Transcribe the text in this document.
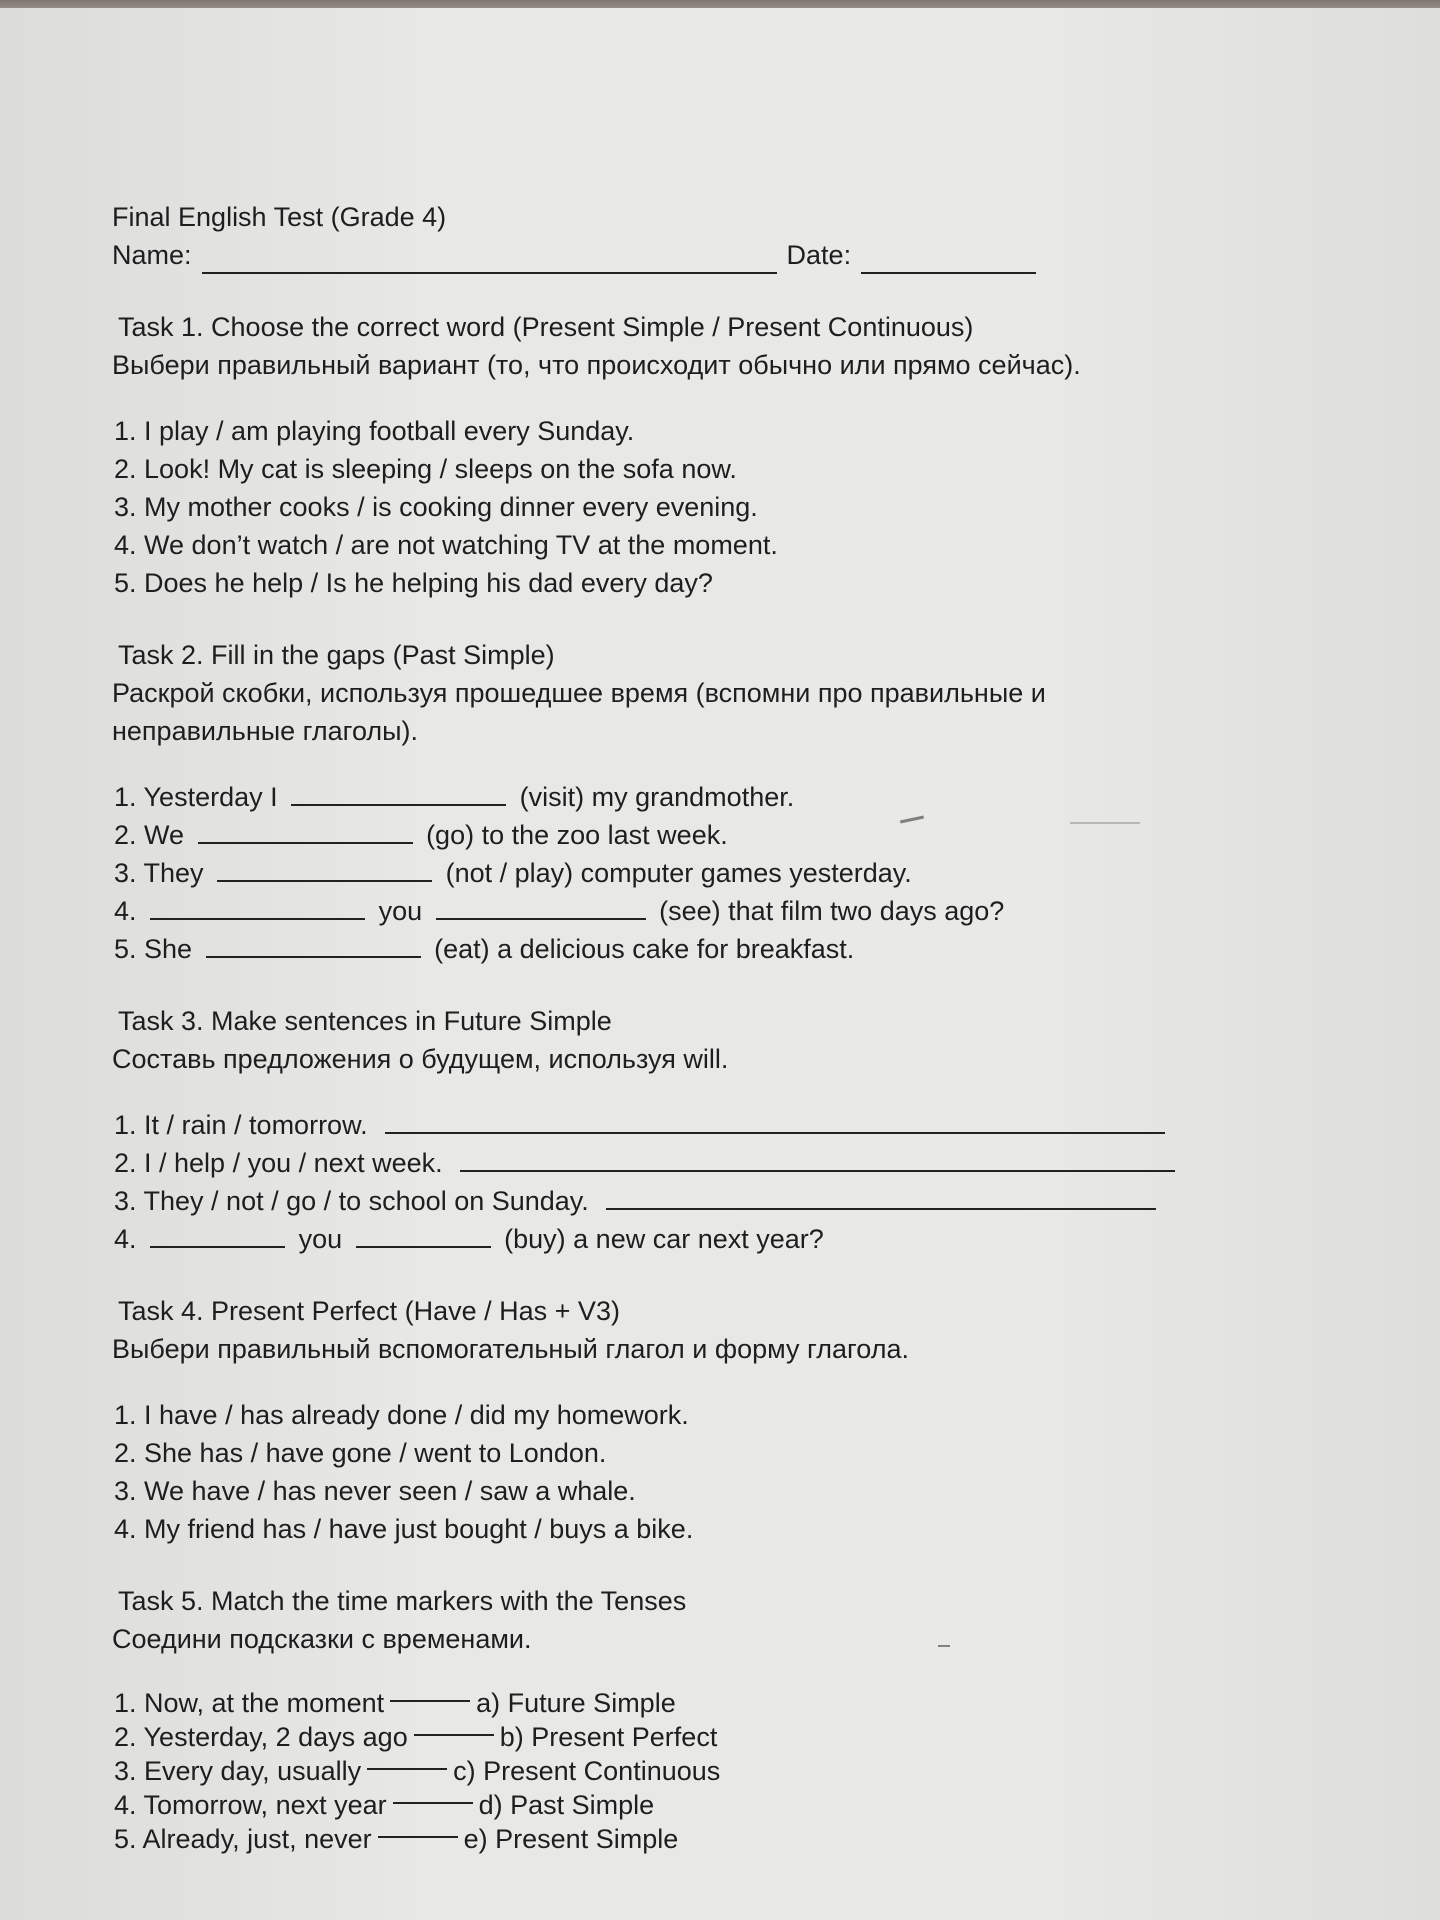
Final English Test (Grade 4)

Name:	Date:

Task 1. Choose the correct word (Present Simple / Present Continuous)

Выбери правильный вариант (то, что происходит обычно или прямо сейчас).

1. I play / am playing football every Sunday.
2. Look! My cat is sleeping / sleeps on the sofa now.
3. My mother cooks / is cooking dinner every evening.
4. We don’t watch / are not watching TV at the moment.
5. Does he help / Is he helping his dad every day?

Task 2. Fill in the gaps (Past Simple)

Раскрой скобки, используя прошедшее время (вспомни про правильные и неправильные глаголы).

1. Yesterday I	(visit) my grandmother.
2. We	(go) to the zoo last week.
3. They	(not / play) computer games yesterday.
4.	you	(see) that film two days ago?
5. She	(eat) a delicious cake for breakfast.

Task 3. Make sentences in Future Simple

Составь предложения о будущем, используя will.

1. It / rain / tomorrow.
2. I / help / you / next week.
3. They / not / go / to school on Sunday.
4.	you	(buy) a new car next year?

Task 4. Present Perfect (Have / Has + V3)

Выбери правильный вспомогательный глагол и форму глагола.

1. I have / has already done / did my homework.
2. She has / have gone / went to London.
3. We have / has never seen / saw a whale.
4. My friend has / have just bought / buys a bike.

Task 5. Match the time markers with the Tenses

Соедини подсказки с временами.

1. Now, at the moment	a) Future Simple
2. Yesterday, 2 days ago	b) Present Perfect
3. Every day, usually	c) Present Continuous
4. Tomorrow, next year	d) Past Simple
5. Already, just, never	e) Present Simple
